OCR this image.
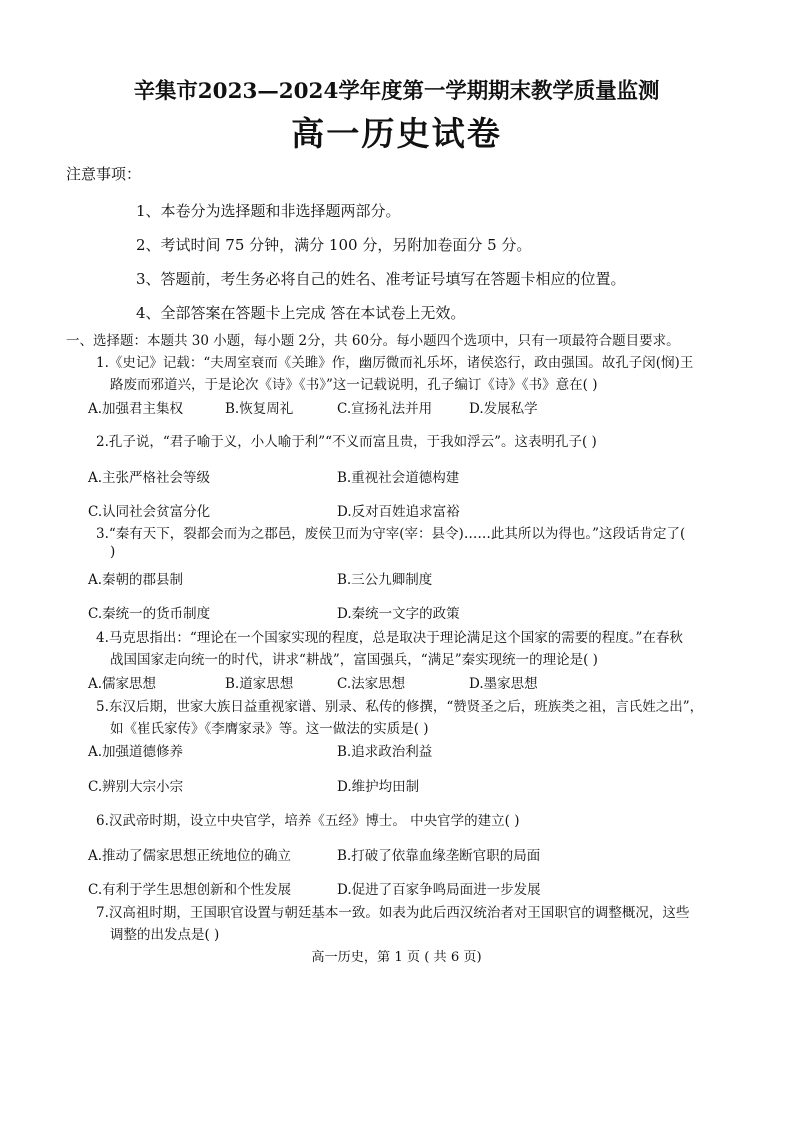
辛集市2023—2024学年度第一学期期末教学质量监测
高一历史试卷
注意事项：
1、本卷分为选择题和非选择题两部分。
2、考试时间 75 分钟，满分 100 分，另附加卷面分 5 分。
3、答题前，考生务必将自己的姓名、准考证号填写在答题卡相应的位置。
4、全部答案在答题卡上完成 答在本试卷上无效。
一、选择题：本题共 30 小题，每小题 2分，共 60分。每小题四个选项中，只有一项最符合题目要求。
1.《史记》记载：“夫周室衰而《关雎》作，幽厉微而礼乐坏，诸侯恣行，政由强国。故孔子闵(悯)王
路废而邪道兴，于是论次《诗》《书》”这一记载说明，孔子编订《诗》《书》意在( )
A.加强君主集权	B.恢复周礼	C.宣扬礼法并用	D.发展私学
2.孔子说，“君子喻于义，小人喻于利”“不义而富且贵，于我如浮云”。这表明孔子( )
A.主张严格社会等级	B.重视社会道德构建
C.认同社会贫富分化	D.反对百姓追求富裕
3.“秦有天下，裂都会而为之郡邑，废侯卫而为守宰(宰：县令)……此其所以为得也。”这段话肯定了(
)
A.秦朝的郡县制	B.三公九卿制度
C.秦统一的货币制度	D.秦统一文字的政策
4.马克思指出：“理论在一个国家实现的程度，总是取决于理论满足这个国家的需要的程度。”在春秋
战国国家走向统一的时代，讲求“耕战”，富国强兵，“满足”秦实现统一的理论是( )
A.儒家思想	B.道家思想	C.法家思想	D.墨家思想
5.东汉后期，世家大族日益重视家谱、别录、私传的修撰，“赞贤圣之后，班族类之祖，言氏姓之出”，
如《崔氏家传》《李膺家录》等。这一做法的实质是( )
A.加强道德修养	B.追求政治利益
C.辨别大宗小宗	D.维护均田制
6.汉武帝时期，设立中央官学，培养《五经》博士。 中央官学的建立( )
A.推动了儒家思想正统地位的确立	B.打破了依靠血缘垄断官职的局面
C.有利于学生思想创新和个性发展	D.促进了百家争鸣局面进一步发展
7.汉高祖时期，王国职官设置与朝廷基本一致。如表为此后西汉统治者对王国职官的调整概况，这些
调整的出发点是( )
高一历史，第 1 页 ( 共 6 页)
